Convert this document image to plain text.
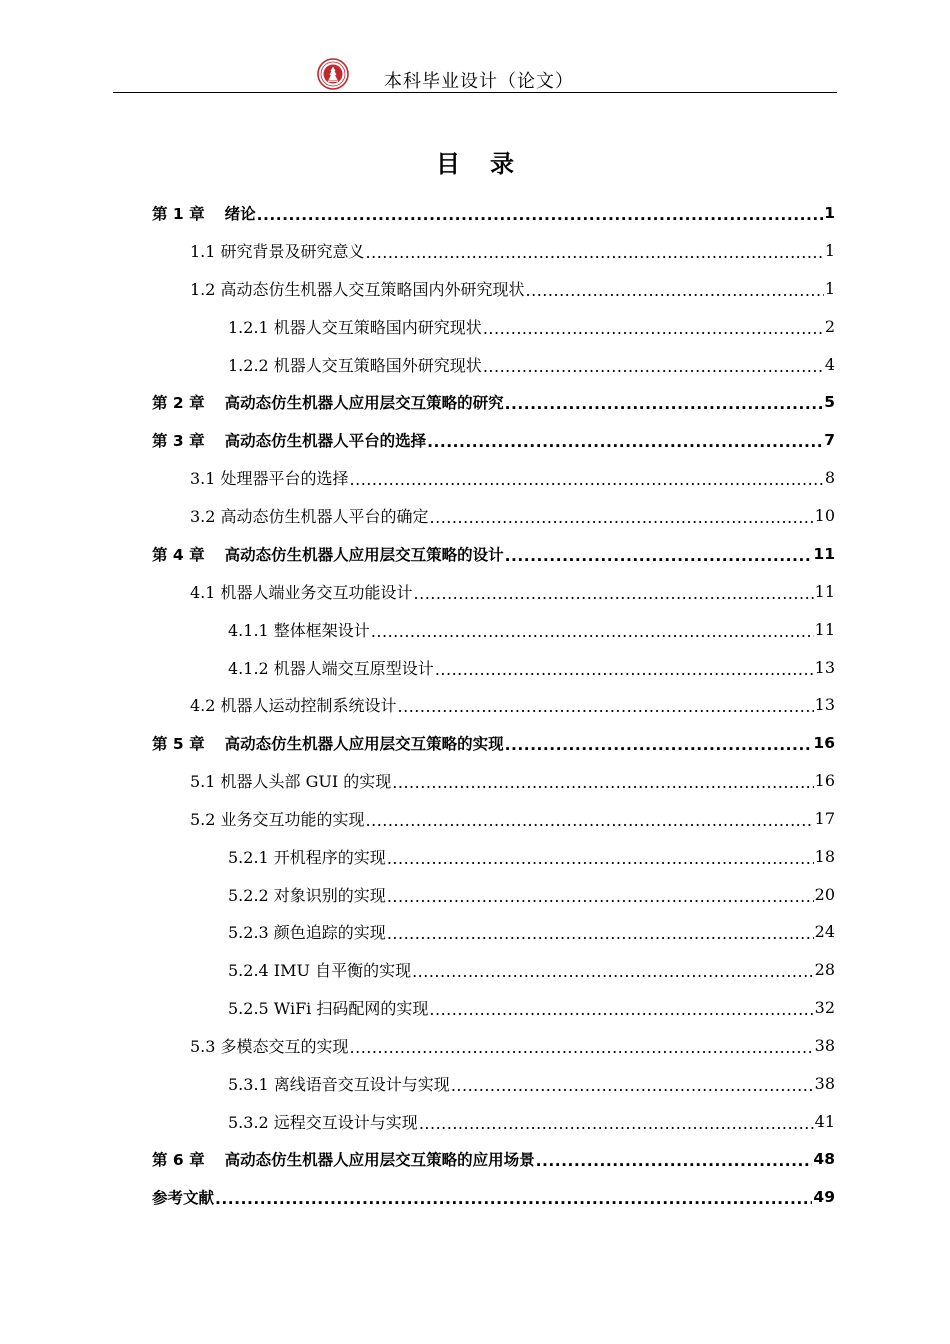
本科毕业设计（论文）
目 录
第 1 章 绪论 .....	1
1.1 研究背景及研究意义 .....	1
1.2 高动态仿生机器人交互策略国内外研究现状 .....	1
1.2.1 机器人交互策略国内研究现状 .....	2
1.2.2 机器人交互策略国外研究现状 .....	4
第 2 章 高动态仿生机器人应用层交互策略的研究 .....	5
第 3 章 高动态仿生机器人平台的选择 .....	7
3.1 处理器平台的选择 .....	8
3.2 高动态仿生机器人平台的确定 .....	10
第 4 章 高动态仿生机器人应用层交互策略的设计 .....	11
4.1 机器人端业务交互功能设计 .....	11
4.1.1 整体框架设计 .....	11
4.1.2 机器人端交互原型设计 .....	13
4.2 机器人运动控制系统设计 .....	13
第 5 章 高动态仿生机器人应用层交互策略的实现 .....	16
5.1 机器人头部 GUI 的实现 .....	16
5.2 业务交互功能的实现 .....	17
5.2.1 开机程序的实现 .....	18
5.2.2 对象识别的实现 .....	20
5.2.3 颜色追踪的实现 .....	24
5.2.4 IMU 自平衡的实现 .....	28
5.2.5 WiFi 扫码配网的实现 .....	32
5.3 多模态交互的实现 .....	38
5.3.1 离线语音交互设计与实现 .....	38
5.3.2 远程交互设计与实现 .....	41
第 6 章 高动态仿生机器人应用层交互策略的应用场景 .....	48
参考文献 .....	49
